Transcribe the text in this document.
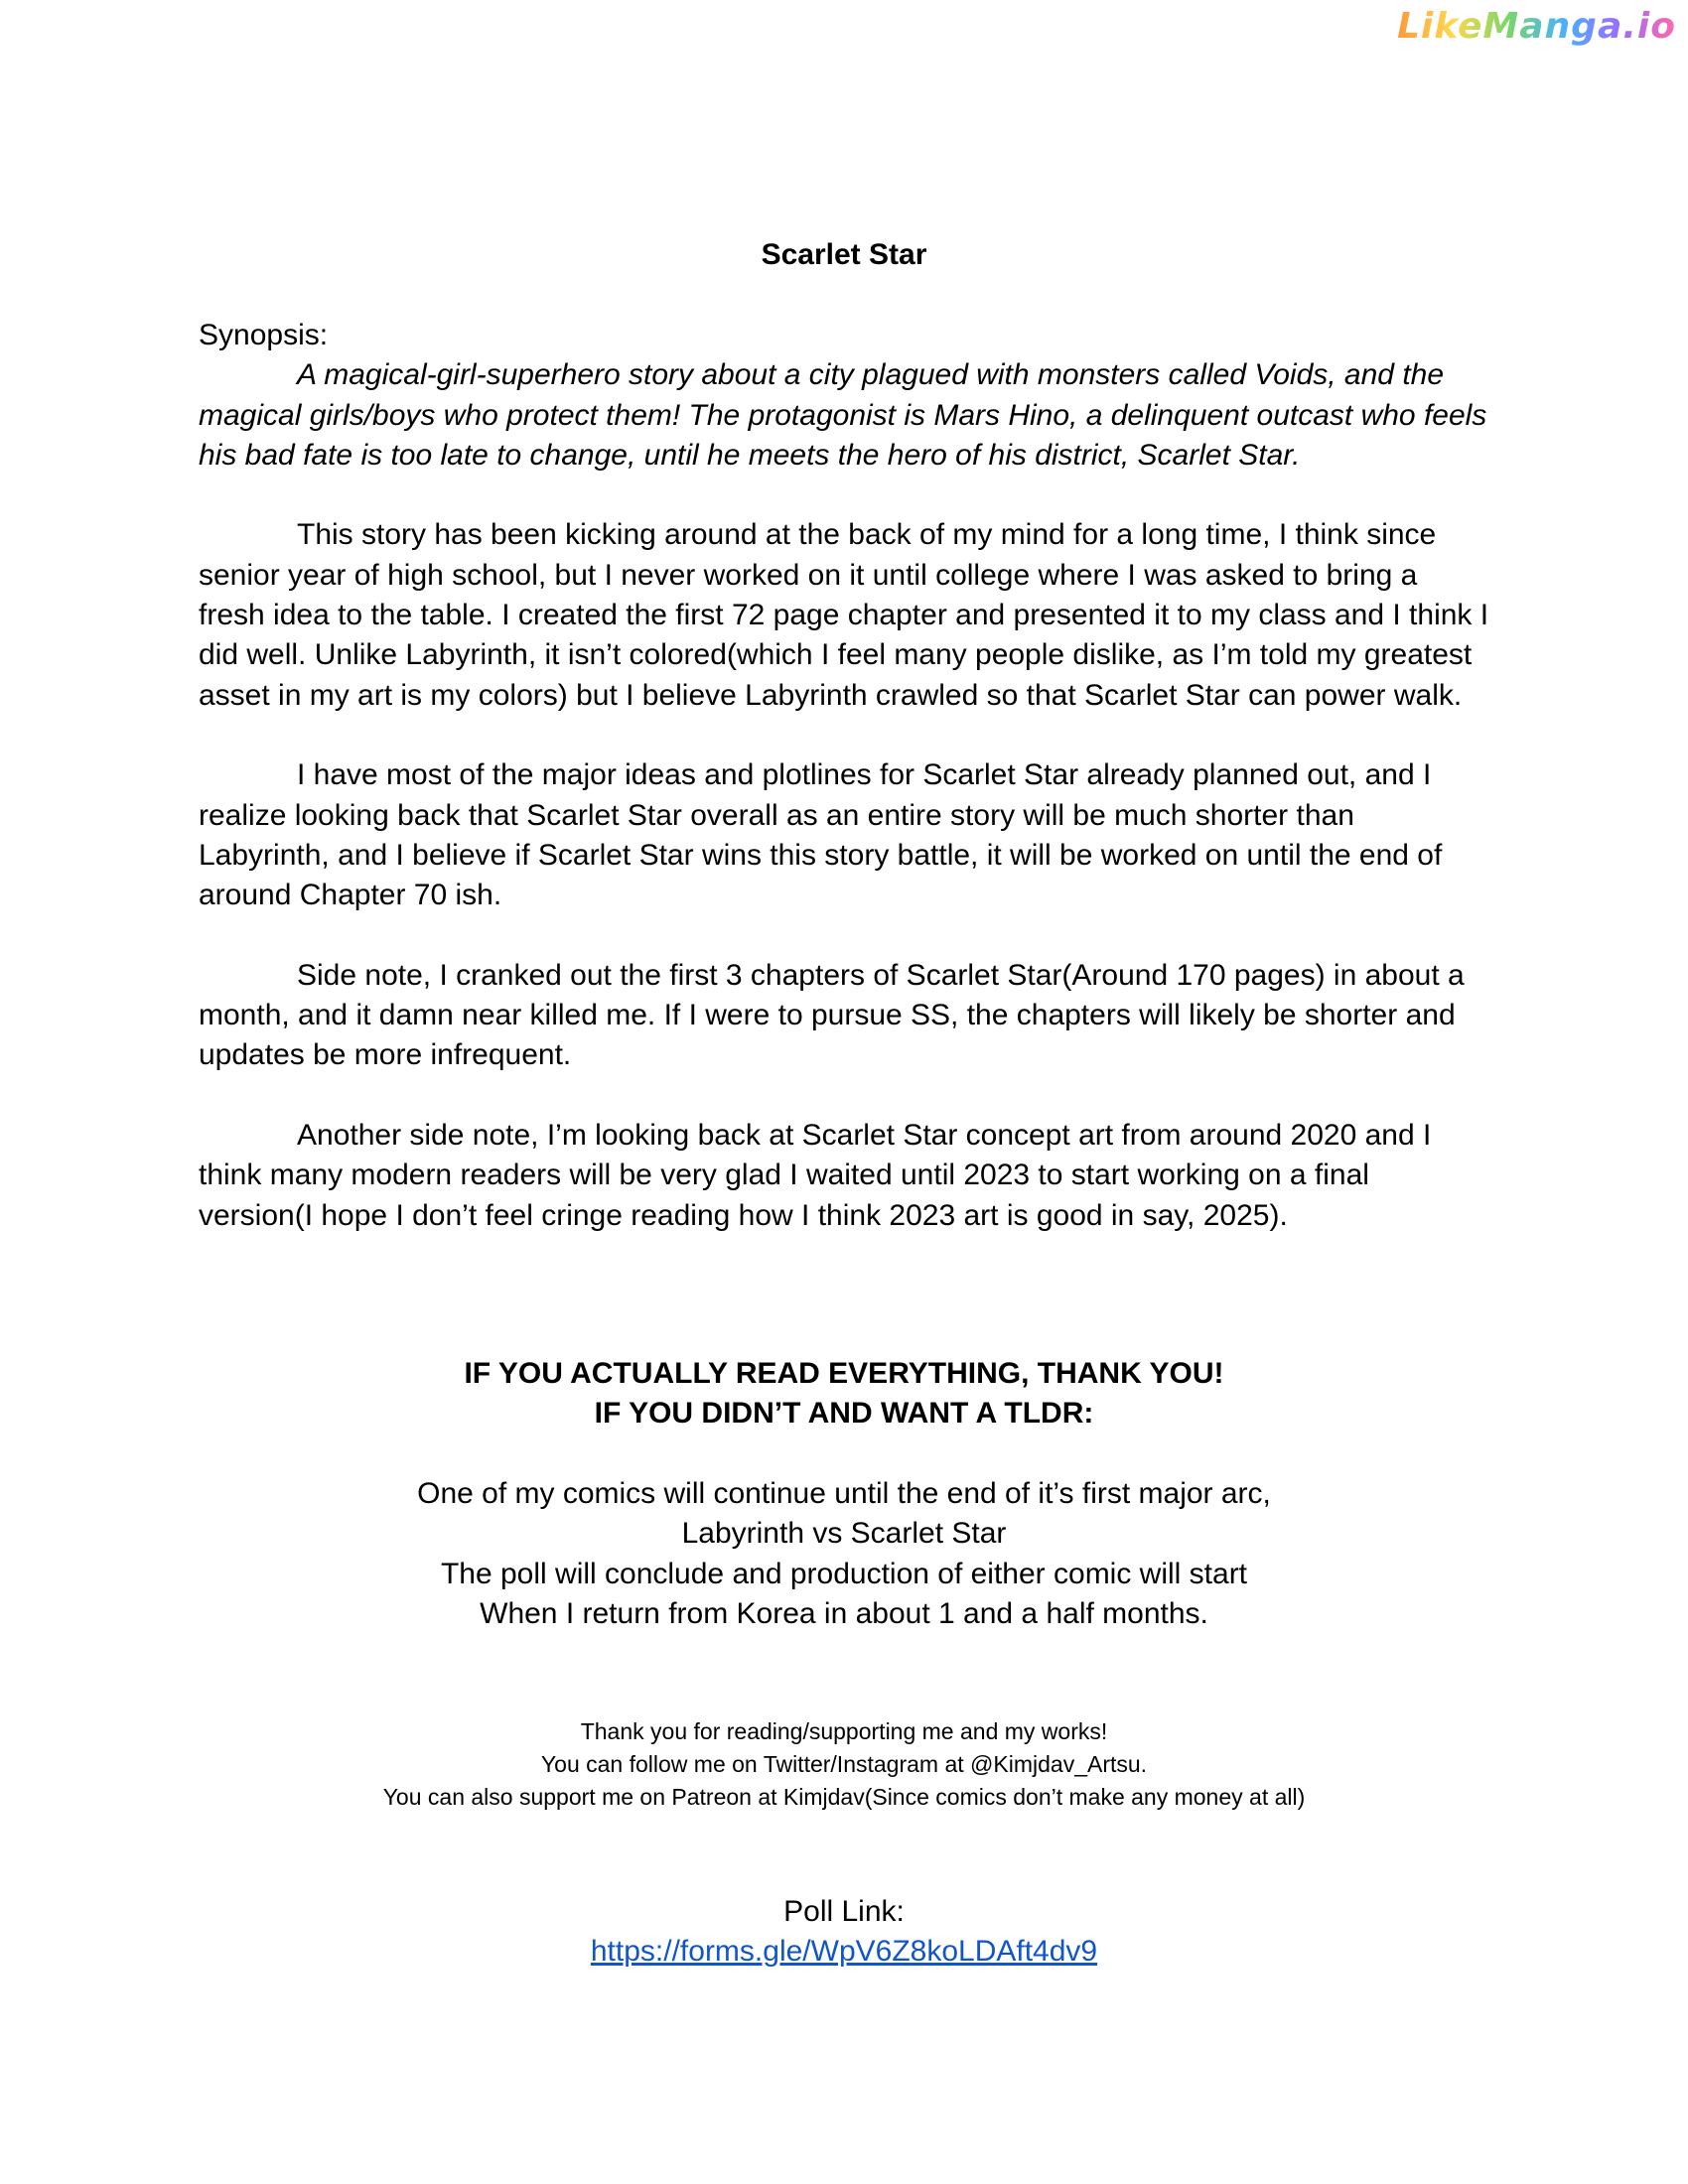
LikeManga.io
Scarlet Star

Synopsis:

A magical-girl-superhero story about a city plagued with monsters called Voids, and the magical girls/boys who protect them! The protagonist is Mars Hino, a delinquent outcast who feels his bad fate is too late to change, until he meets the hero of his district, Scarlet Star.

This story has been kicking around at the back of my mind for a long time, I think since senior year of high school, but I never worked on it until college where I was asked to bring a fresh idea to the table. I created the first 72 page chapter and presented it to my class and I think I did well. Unlike Labyrinth, it isn’t colored(which I feel many people dislike, as I’m told my greatest asset in my art is my colors) but I believe Labyrinth crawled so that Scarlet Star can power walk.

I have most of the major ideas and plotlines for Scarlet Star already planned out, and I realize looking back that Scarlet Star overall as an entire story will be much shorter than Labyrinth, and I believe if Scarlet Star wins this story battle, it will be worked on until the end of around Chapter 70 ish.

Side note, I cranked out the first 3 chapters of Scarlet Star(Around 170 pages) in about a month, and it damn near killed me. If I were to pursue SS, the chapters will likely be shorter and updates be more infrequent.

Another side note, I’m looking back at Scarlet Star concept art from around 2020 and I think many modern readers will be very glad I waited until 2023 to start working on a final version(I hope I don’t feel cringe reading how I think 2023 art is good in say, 2025).

IF YOU ACTUALLY READ EVERYTHING, THANK YOU!
IF YOU DIDN’T AND WANT A TLDR:
One of my comics will continue until the end of it’s first major arc,
Labyrinth vs Scarlet Star
The poll will conclude and production of either comic will start
When I return from Korea in about 1 and a half months.
Thank you for reading/supporting me and my works!
You can follow me on Twitter/Instagram at @Kimjdav_Artsu.
You can also support me on Patreon at Kimjdav(Since comics don’t make any money at all)
Poll Link:
https://forms.gle/WpV6Z8koLDAft4dv9
